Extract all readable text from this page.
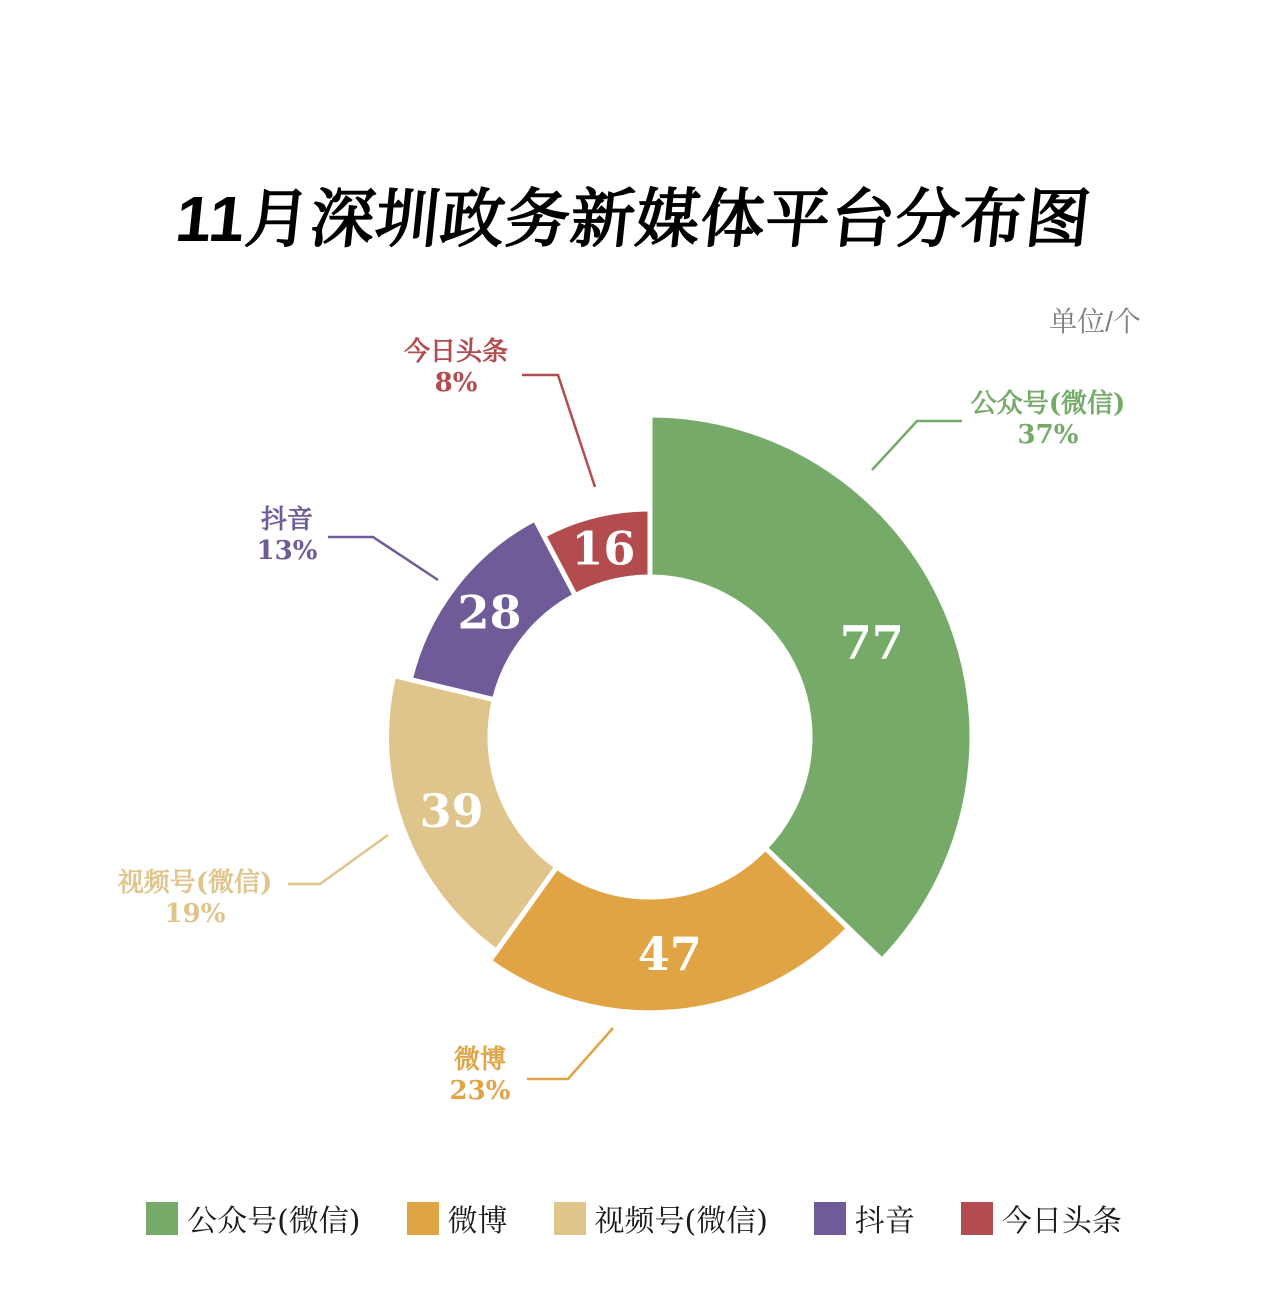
11月深圳政务新媒体平台分布图
单位/个
77
47
39
28
16
公众号(微信)
37%
微博
23%
视频号(微信)
19%
抖音
13%
今日头条
8%
公众号(微信)	微博	视频号(微信)	抖音	今日头条
